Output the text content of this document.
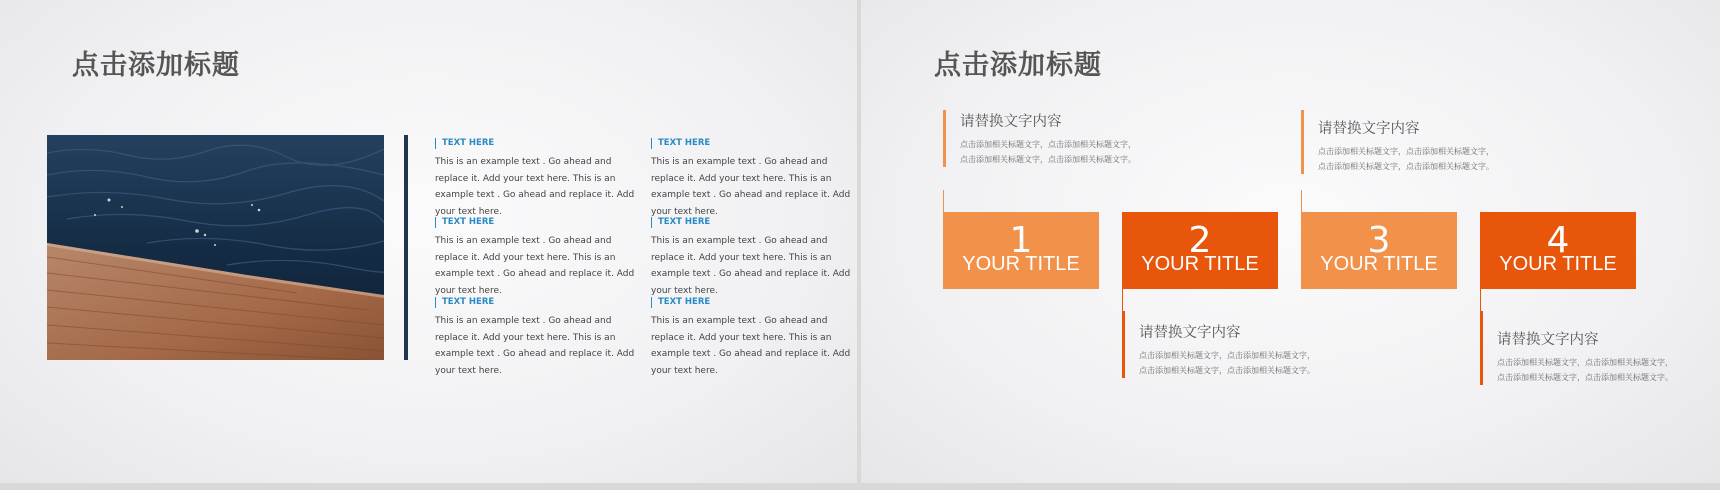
点击添加标题
TEXT HERE
This is an example text . Go ahead and replace it. Add your text here. This is an example text . Go ahead and replace it. Add your text here.
TEXT HERE
This is an example text . Go ahead and replace it. Add your text here. This is an example text . Go ahead and replace it. Add your text here.
TEXT HERE
This is an example text . Go ahead and replace it. Add your text here. This is an example text . Go ahead and replace it. Add your text here.
TEXT HERE
This is an example text . Go ahead and replace it. Add your text here. This is an example text . Go ahead and replace it. Add your text here.
TEXT HERE
This is an example text . Go ahead and replace it. Add your text here. This is an example text . Go ahead and replace it. Add your text here.
TEXT HERE
This is an example text . Go ahead and replace it. Add your text here. This is an example text . Go ahead and replace it. Add your text here.
点击添加标题
请替换文字内容
点击添加相关标题文字，点击添加相关标题文字，点击添加相关标题文字，点击添加相关标题文字。
请替换文字内容
点击添加相关标题文字，点击添加相关标题文字，点击添加相关标题文字，点击添加相关标题文字。
请替换文字内容
点击添加相关标题文字，点击添加相关标题文字，点击添加相关标题文字，点击添加相关标题文字。
请替换文字内容
点击添加相关标题文字，点击添加相关标题文字，点击添加相关标题文字，点击添加相关标题文字。
1
YOUR TITLE
2
YOUR TITLE
3
YOUR TITLE
4
YOUR TITLE
